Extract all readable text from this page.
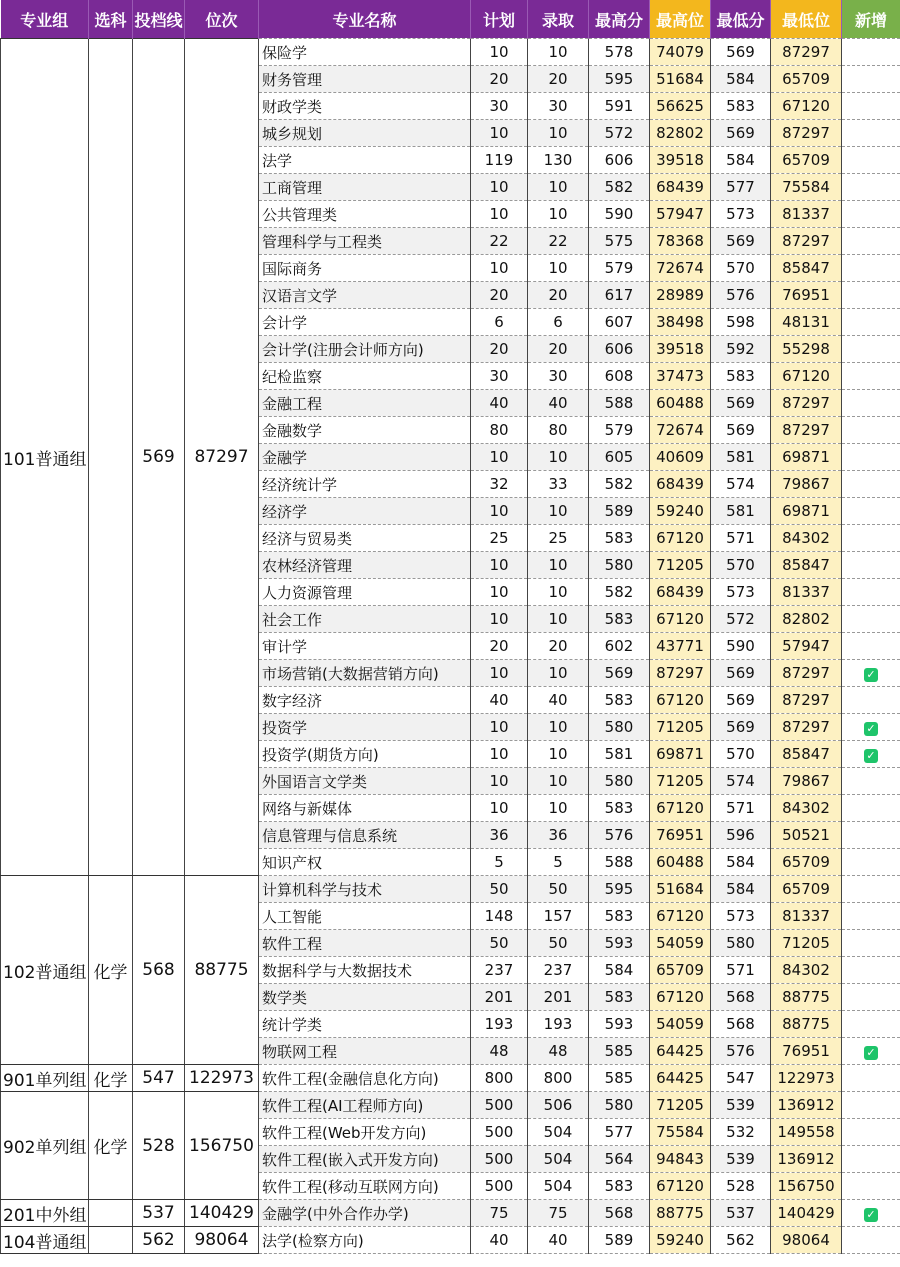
专业组	选科	投档线	位次	专业名称	计划	录取	最高分	最高位	最低分	最低位	新增
101普通组		569	87297	保险学	10	10	578	74079	569	87297	
				财务管理	20	20	595	51684	584	65709	
				财政学类	30	30	591	56625	583	67120	
				城乡规划	10	10	572	82802	569	87297	
				法学	119	130	606	39518	584	65709	
				工商管理	10	10	582	68439	577	75584	
				公共管理类	10	10	590	57947	573	81337	
				管理科学与工程类	22	22	575	78368	569	87297	
				国际商务	10	10	579	72674	570	85847	
				汉语言文学	20	20	617	28989	576	76951	
				会计学	6	6	607	38498	598	48131	
				会计学(注册会计师方向)	20	20	606	39518	592	55298	
				纪检监察	30	30	608	37473	583	67120	
				金融工程	40	40	588	60488	569	87297	
				金融数学	80	80	579	72674	569	87297	
				金融学	10	10	605	40609	581	69871	
				经济统计学	32	33	582	68439	574	79867	
				经济学	10	10	589	59240	581	69871	
				经济与贸易类	25	25	583	67120	571	84302	
				农林经济管理	10	10	580	71205	570	85847	
				人力资源管理	10	10	582	68439	573	81337	
				社会工作	10	10	583	67120	572	82802	
				审计学	20	20	602	43771	590	57947	
				市场营销(大数据营销方向)	10	10	569	87297	569	87297	✓
				数字经济	40	40	583	67120	569	87297	
				投资学	10	10	580	71205	569	87297	✓
				投资学(期货方向)	10	10	581	69871	570	85847	✓
				外国语言文学类	10	10	580	71205	574	79867	
				网络与新媒体	10	10	583	67120	571	84302	
				信息管理与信息系统	36	36	576	76951	596	50521	
				知识产权	5	5	588	60488	584	65709	
102普通组	化学	568	88775	计算机科学与技术	50	50	595	51684	584	65709	
				人工智能	148	157	583	67120	573	81337	
				软件工程	50	50	593	54059	580	71205	
				数据科学与大数据技术	237	237	584	65709	571	84302	
				数学类	201	201	583	67120	568	88775	
				统计学类	193	193	593	54059	568	88775	
				物联网工程	48	48	585	64425	576	76951	✓
901单列组	化学	547	122973	软件工程(金融信息化方向)	800	800	585	64425	547	122973	
902单列组	化学	528	156750	软件工程(AI工程师方向)	500	506	580	71205	539	136912	
				软件工程(Web开发方向)	500	504	577	75584	532	149558	
				软件工程(嵌入式开发方向)	500	504	564	94843	539	136912	
				软件工程(移动互联网方向)	500	504	583	67120	528	156750	
201中外组		537	140429	金融学(中外合作办学)	75	75	568	88775	537	140429	✓
104普通组		562	98064	法学(检察方向)	40	40	589	59240	562	98064	
